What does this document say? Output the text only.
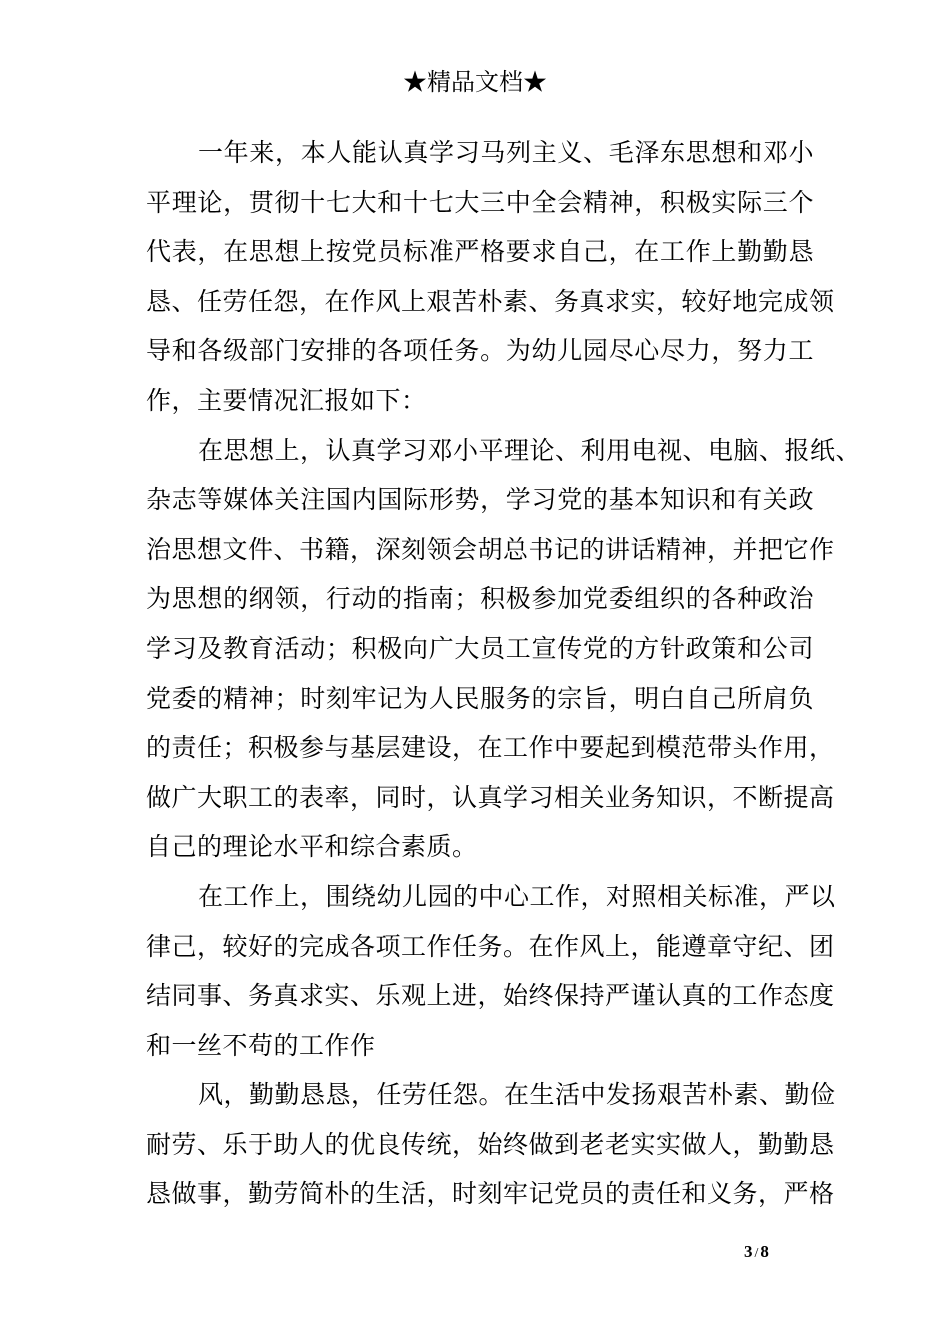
★精品文档★
一年来，本人能认真学习马列主义、毛泽东思想和邓小
平理论，贯彻十七大和十七大三中全会精神，积极实际三个
代表，在思想上按党员标准严格要求自己，在工作上勤勤恳
恳、任劳任怨，在作风上艰苦朴素、务真求实，较好地完成领
导和各级部门安排的各项任务。为幼儿园尽心尽力，努力工
作，主要情况汇报如下：
在思想上，认真学习邓小平理论、利用电视、电脑、报纸、
杂志等媒体关注国内国际形势，学习党的基本知识和有关政
治思想文件、书籍，深刻领会胡总书记的讲话精神，并把它作
为思想的纲领，行动的指南；积极参加党委组织的各种政治
学习及教育活动；积极向广大员工宣传党的方针政策和公司
党委的精神；时刻牢记为人民服务的宗旨，明白自己所肩负
的责任；积极参与基层建设，在工作中要起到模范带头作用，
做广大职工的表率，同时，认真学习相关业务知识，不断提高
自己的理论水平和综合素质。
在工作上，围绕幼儿园的中心工作，对照相关标准，严以
律己，较好的完成各项工作任务。在作风上，能遵章守纪、团
结同事、务真求实、乐观上进，始终保持严谨认真的工作态度
和一丝不苟的工作作
风，勤勤恳恳，任劳任怨。在生活中发扬艰苦朴素、勤俭
耐劳、乐于助人的优良传统，始终做到老老实实做人，勤勤恳
恳做事，勤劳简朴的生活，时刻牢记党员的责任和义务，严格
3 / 8
